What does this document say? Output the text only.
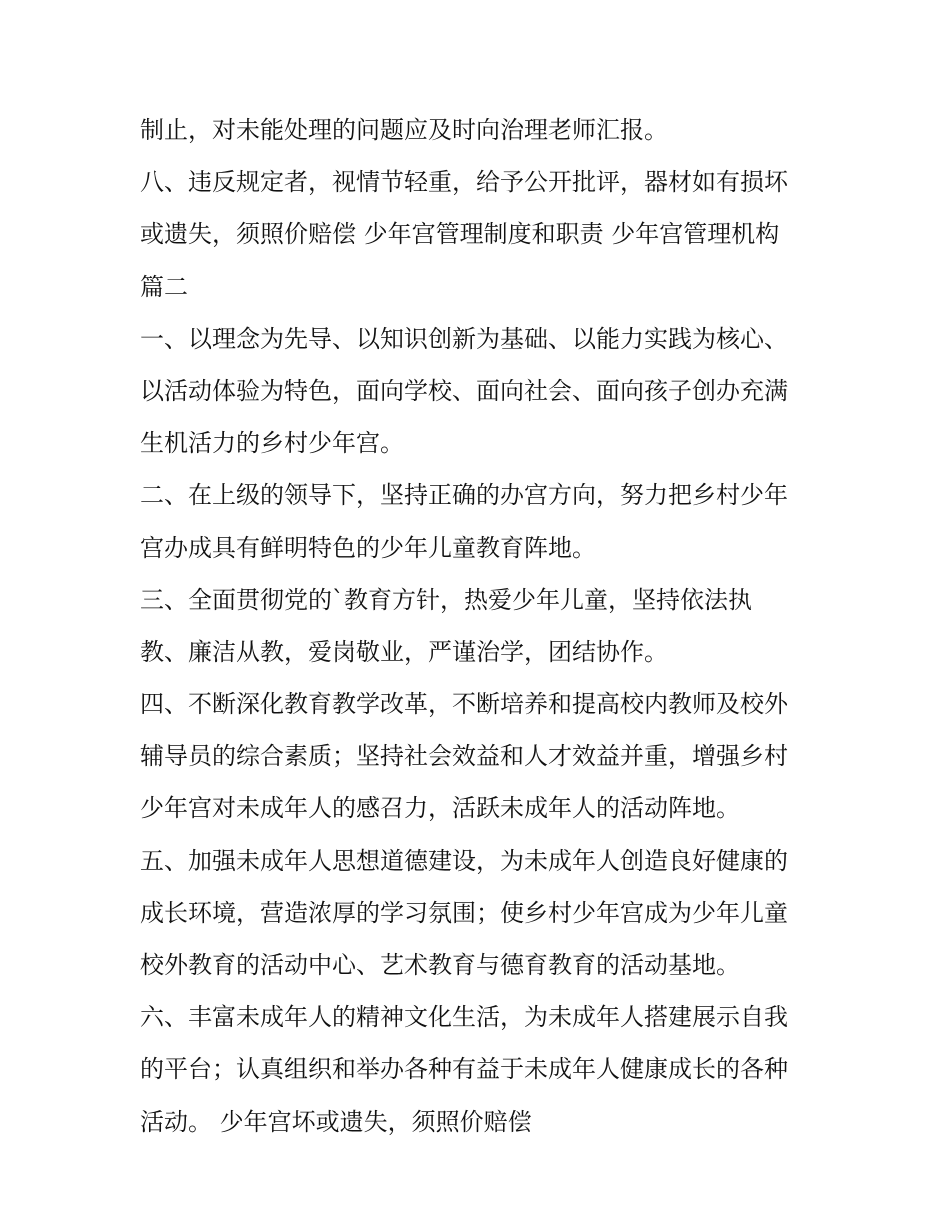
制止，对未能处理的问题应及时向治理老师汇报。
八、违反规定者，视情节轻重，给予公开批评，器材如有损坏
或遗失，须照价赔偿 少年宫管理制度和职责 少年宫管理机构
篇二
一、以理念为先导、以知识创新为基础、以能力实践为核心、
以活动体验为特色，面向学校、面向社会、面向孩子创办充满
生机活力的乡村少年宫。
二、在上级的领导下，坚持正确的办宫方向，努力把乡村少年
宫办成具有鲜明特色的少年儿童教育阵地。
三、全面贯彻党的`教育方针，热爱少年儿童，坚持依法执
教、廉洁从教，爱岗敬业，严谨治学，团结协作。
四、不断深化教育教学改革，不断培养和提高校内教师及校外
辅导员的综合素质；坚持社会效益和人才效益并重，增强乡村
少年宫对未成年人的感召力，活跃未成年人的活动阵地。
五、加强未成年人思想道德建设，为未成年人创造良好健康的
成长环境，营造浓厚的学习氛围；使乡村少年宫成为少年儿童
校外教育的活动中心、艺术教育与德育教育的活动基地。
六、丰富未成年人的精神文化生活，为未成年人搭建展示自我
的平台；认真组织和举办各种有益于未成年人健康成长的各种
活动。 少年宫坏或遗失，须照价赔偿
